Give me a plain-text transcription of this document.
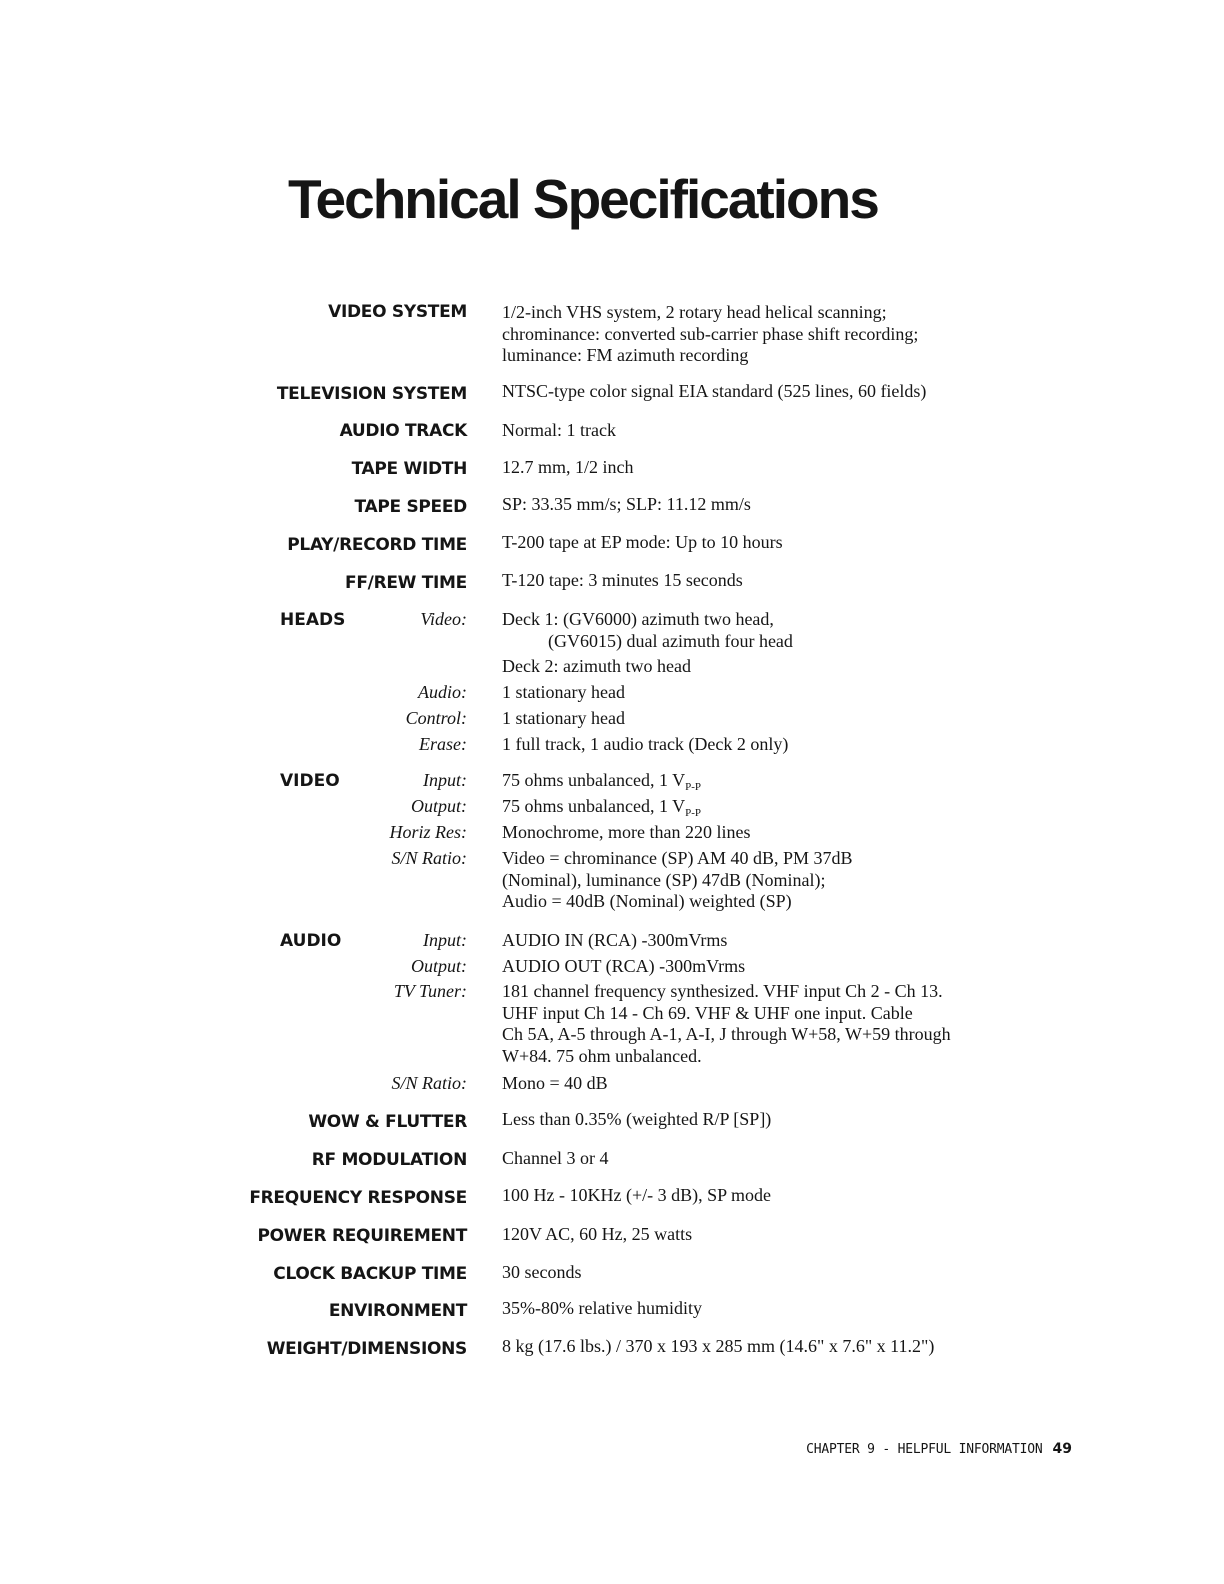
Technical Specifications
VIDEO SYSTEM 1/2-inch VHS system, 2 rotary head helical scanning;
chrominance: converted sub-carrier phase shift recording;
luminance: FM azimuth recording
TELEVISION SYSTEM NTSC-type color signal EIA standard (525 lines, 60 fields)
AUDIO TRACK Normal: 1 track
TAPE WIDTH 12.7 mm, 1/2 inch
TAPE SPEED SP: 33.35 mm/s; SLP: 11.12 mm/s
PLAY/RECORD TIME T-200 tape at EP mode: Up to 10 hours
FF/REW TIME T-120 tape: 3 minutes 15 seconds
HEADS	Video: Deck 1: (GV6000) azimuth two head,
(GV6015) dual azimuth four head
Deck 2: azimuth two head
Audio: 1 stationary head
Control: 1 stationary head
Erase: 1 full track, 1 audio track (Deck 2 only)
VIDEO	Input: 75 ohms unbalanced, 1 $V_{P-P}$
Output: 75 ohms unbalanced, 1 $V_{P-P}$
Horiz Res: Monochrome, more than 220 lines
S/N Ratio: Video = chrominance (SP) AM 40 dB, PM 37dB
(Nominal), luminance (SP) 47dB (Nominal);
Audio = 40dB (Nominal) weighted (SP)
AUDIO	Input: AUDIO IN (RCA) -300mVrms
Output: AUDIO OUT (RCA) -300mVrms
TV Tuner: 181 channel frequency synthesized. VHF input Ch 2 - Ch 13.
UHF input Ch 14 - Ch 69. VHF & UHF one input. Cable
Ch 5A, A-5 through A-1, A-I, J through W+58, W+59 through
W+84. 75 ohm unbalanced.
S/N Ratio: Mono = 40 dB
WOW & FLUTTER Less than 0.35% (weighted R/P [SP])
RF MODULATION Channel 3 or 4
FREQUENCY RESPONSE 100 Hz - 10KHz (+/- 3 dB), SP mode
POWER REQUIREMENT 120V AC, 60 Hz, 25 watts
CLOCK BACKUP TIME 30 seconds
ENVIRONMENT 35%-80% relative humidity
WEIGHT/DIMENSIONS 8 kg (17.6 lbs.) / 370 x 193 x 285 mm (14.6" x 7.6" x 11.2")
CHAPTER 9 - HELPFUL INFORMATION 49
